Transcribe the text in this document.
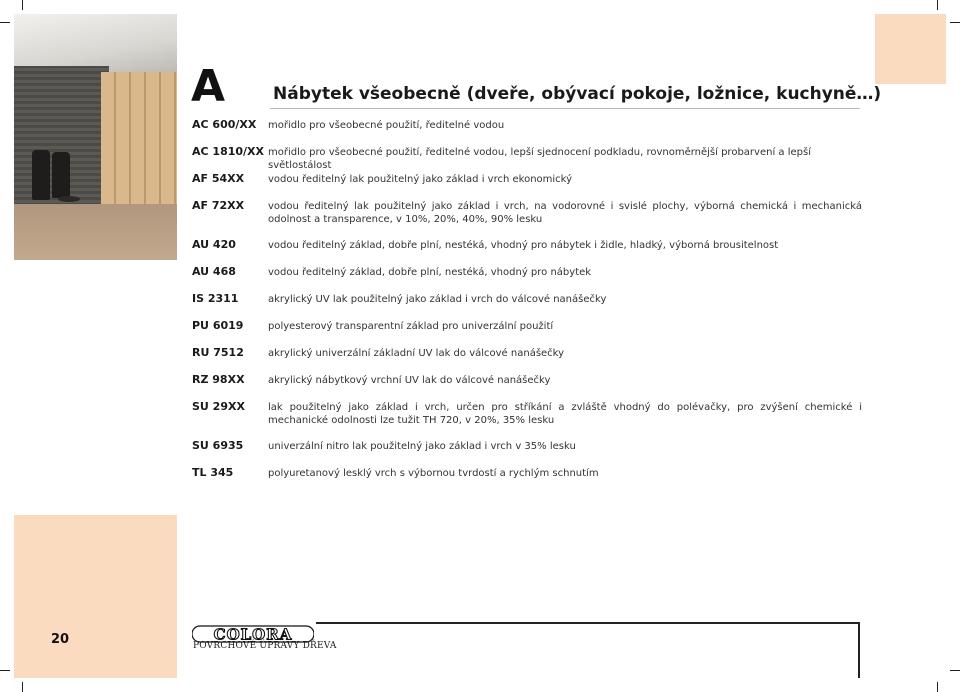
20
A	Nábytek všeobecně (dveře, obývací pokoje, ložnice, kuchyně…)
AC 600/XX mořidlo pro všeobecné použití, ředitelné vodou
AC 1810/XX mořidlo pro všeobecné použití, ředitelné vodou, lepší sjednocení podkladu, rovnoměrnější probarvení a lepší světlostálost
AF 54XX vodou ředitelný lak použitelný jako základ i vrch ekonomický
AF 72XX vodou ředitelný lak použitelný jako základ i vrch, na vodorovné i svislé plochy, výborná chemická i mechanická odolnost a transparence, v 10%, 20%, 40%, 90% lesku
AU 420	vodou ředitelný základ, dobře plní, nestéká, vhodný pro nábytek i židle, hladký, výborná brousitelnost
AU 468	vodou ředitelný základ, dobře plní, nestéká, vhodný pro nábytek
IS 2311	akrylický UV lak použitelný jako základ i vrch do válcové nanášečky
PU 6019 polyesterový transparentní základ pro univerzální použití
RU 7512 akrylický univerzální základní UV lak do válcové nanášečky
RZ 98XX akrylický nábytkový vrchní UV lak do válcové nanášečky
SU 29XX lak použitelný jako základ i vrch, určen pro stříkání a zvláště vhodný do polévačky, pro zvýšení chemické i mechanické odolnosti lze tužit TH 720, v 20%, 35% lesku
SU 6935 univerzální nitro lak použitelný jako základ i vrch v 35% lesku
TL 345	polyuretanový lesklý vrch s výbornou tvrdostí a rychlým schnutím
COLORA
POVRCHOVÉ ÚPRAVY DŘEVA
